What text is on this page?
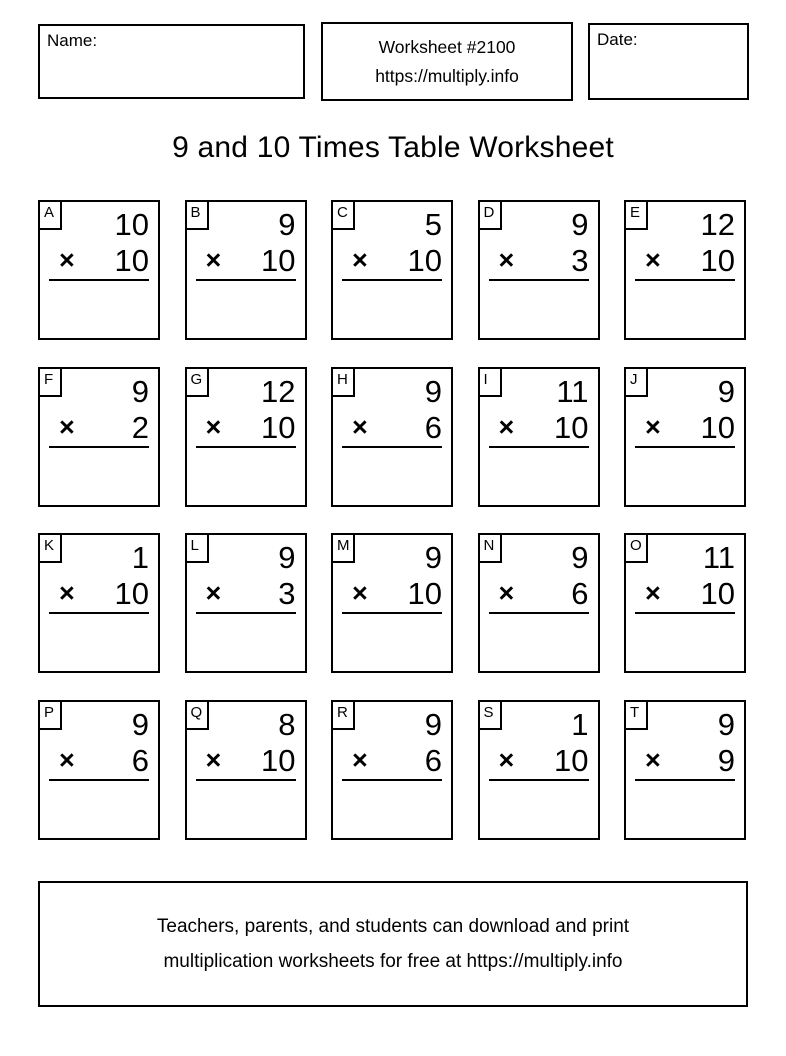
Name:	Worksheet #2100
https://multiply.info
Date:
9 and 10 Times Table Worksheet
A 10
× 10
B	9
× 10
C 5
× 10
D 9
× 3
E 12
× 10
F	9
× 2
G 12
× 10
H 9
× 6
I	11
× 10
J	9
× 10
K	1
× 10
L	9
× 3
M 9
× 10
N 9
× 6
O 11
× 10
P	9
× 6
Q 8
× 10
R 9
× 6
S	1
× 10
T	9
× 9
Teachers, parents, and students can download and print
multiplication worksheets for free at https://multiply.info
